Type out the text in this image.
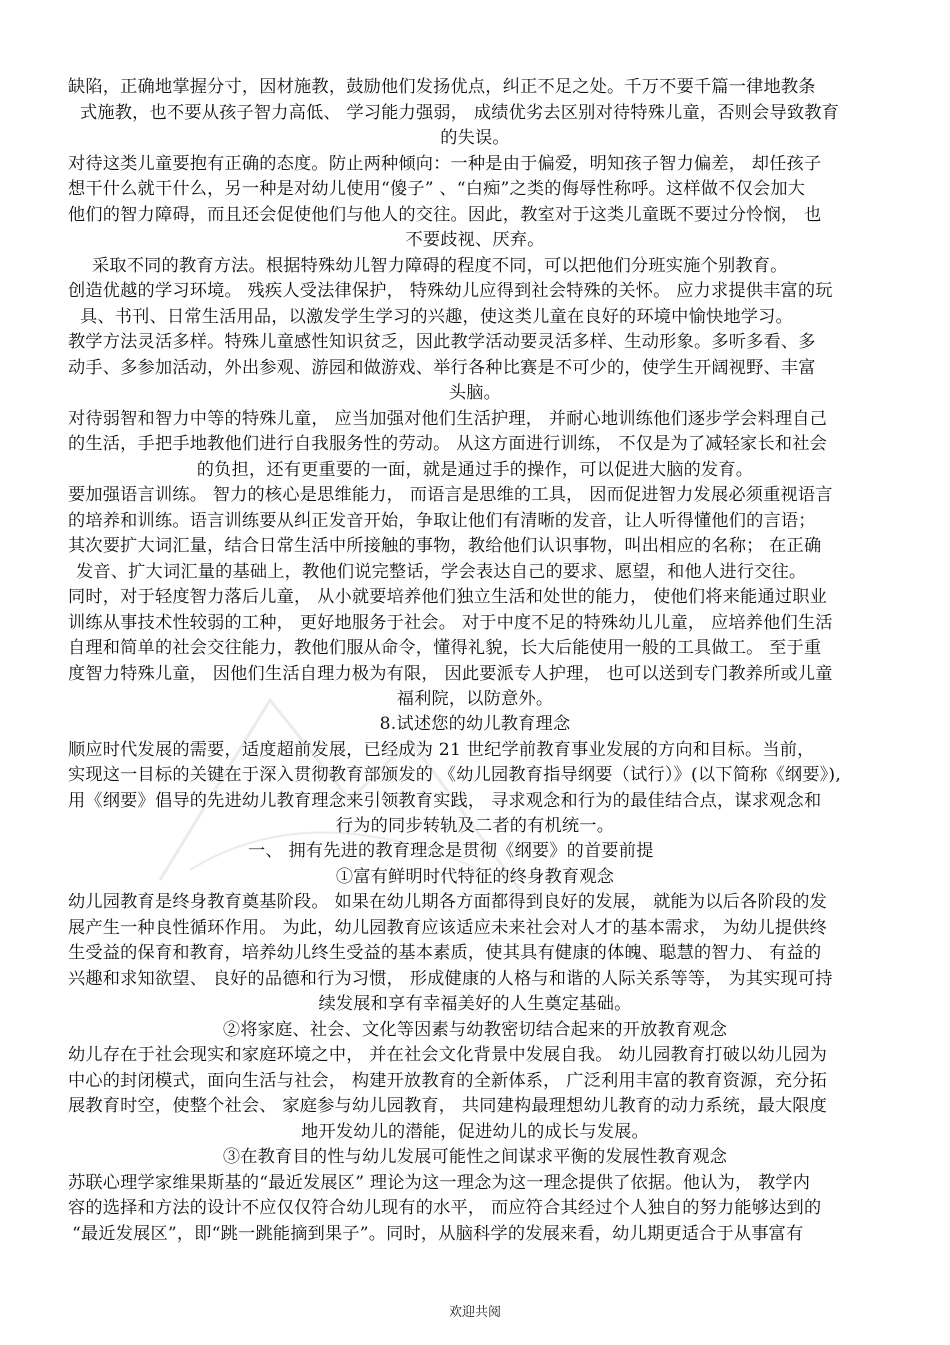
缺陷，正确地掌握分寸，因材施教，鼓励他们发扬优点，纠正不足之处。千万不要千篇一律地教条
式施教，也不要从孩子智力高低、 学习能力强弱， 成绩优劣去区别对待特殊儿童，否则会导致教育
的失误。
对待这类儿童要抱有正确的态度。防止两种倾向：一种是由于偏爱，明知孩子智力偏差， 却任孩子
想干什么就干什么，另一种是对幼儿使用“傻子” 、“白痴”之类的侮辱性称呼。这样做不仅会加大
他们的智力障碍，而且还会促使他们与他人的交往。因此，教室对于这类儿童既不要过分怜悯， 也
不要歧视、厌弃。
采取不同的教育方法。根据特殊幼儿智力障碍的程度不同，可以把他们分班实施个别教育。
创造优越的学习环境。 残疾人受法律保护， 特殊幼儿应得到社会特殊的关怀。 应力求提供丰富的玩
具、书刊、日常生活用品，以激发学生学习的兴趣，使这类儿童在良好的环境中愉快地学习。
教学方法灵活多样。特殊儿童感性知识贫乏，因此教学活动要灵活多样、生动形象。多听多看、多
动手、多参加活动，外出参观、游园和做游戏、举行各种比赛是不可少的，使学生开阔视野、丰富
头脑。
对待弱智和智力中等的特殊儿童， 应当加强对他们生活护理， 并耐心地训练他们逐步学会料理自己
的生活，手把手地教他们进行自我服务性的劳动。 从这方面进行训练， 不仅是为了减轻家长和社会
的负担，还有更重要的一面，就是通过手的操作，可以促进大脑的发育。
要加强语言训练。 智力的核心是思维能力， 而语言是思维的工具， 因而促进智力发展必须重视语言
的培养和训练。语言训练要从纠正发音开始，争取让他们有清晰的发音，让人听得懂他们的言语；
其次要扩大词汇量，结合日常生活中所接触的事物，教给他们认识事物，叫出相应的名称； 在正确
发音、扩大词汇量的基础上，教他们说完整话，学会表达自己的要求、愿望，和他人进行交往。
同时，对于轻度智力落后儿童， 从小就要培养他们独立生活和处世的能力， 使他们将来能通过职业
训练从事技术性较弱的工种， 更好地服务于社会。 对于中度不足的特殊幼儿儿童， 应培养他们生活
自理和简单的社会交往能力，教他们服从命令，懂得礼貌，长大后能使用一般的工具做工。 至于重
度智力特殊儿童， 因他们生活自理力极为有限， 因此要派专人护理， 也可以送到专门教养所或儿童
福利院，以防意外。
8.试述您的幼儿教育理念
顺应时代发展的需要，适度超前发展，已经成为 21 世纪学前教育事业发展的方向和目标。当前，
实现这一目标的关键在于深入贯彻教育部颁发的 《幼儿园教育指导纲要（试行）》(以下简称《纲要》),
用《纲要》倡导的先进幼儿教育理念来引领教育实践， 寻求观念和行为的最佳结合点，谋求观念和
行为的同步转轨及二者的有机统一。
一、 拥有先进的教育理念是贯彻《纲要》的首要前提
①富有鲜明时代特征的终身教育观念
幼儿园教育是终身教育奠基阶段。 如果在幼儿期各方面都得到良好的发展， 就能为以后各阶段的发
展产生一种良性循环作用。 为此，幼儿园教育应该适应未来社会对人才的基本需求， 为幼儿提供终
生受益的保育和教育，培养幼儿终生受益的基本素质，使其具有健康的体魄、聪慧的智力、 有益的
兴趣和求知欲望、 良好的品德和行为习惯， 形成健康的人格与和谐的人际关系等等， 为其实现可持
续发展和享有幸福美好的人生奠定基础。
②将家庭、社会、文化等因素与幼教密切结合起来的开放教育观念
幼儿存在于社会现实和家庭环境之中， 并在社会文化背景中发展自我。 幼儿园教育打破以幼儿园为
中心的封闭模式，面向生活与社会， 构建开放教育的全新体系， 广泛利用丰富的教育资源，充分拓
展教育时空，使整个社会、 家庭参与幼儿园教育， 共同建构最理想幼儿教育的动力系统，最大限度
地开发幼儿的潜能，促进幼儿的成长与发展。
③在教育目的性与幼儿发展可能性之间谋求平衡的发展性教育观念
苏联心理学家维果斯基的“最近发展区” 理论为这一理念为这一理念提供了依据。他认为， 教学内
容的选择和方法的设计不应仅仅符合幼儿现有的水平， 而应符合其经过个人独自的努力能够达到的
“最近发展区”，即“跳一跳能摘到果子”。同时，从脑科学的发展来看，幼儿期更适合于从事富有
欢迎共阅
